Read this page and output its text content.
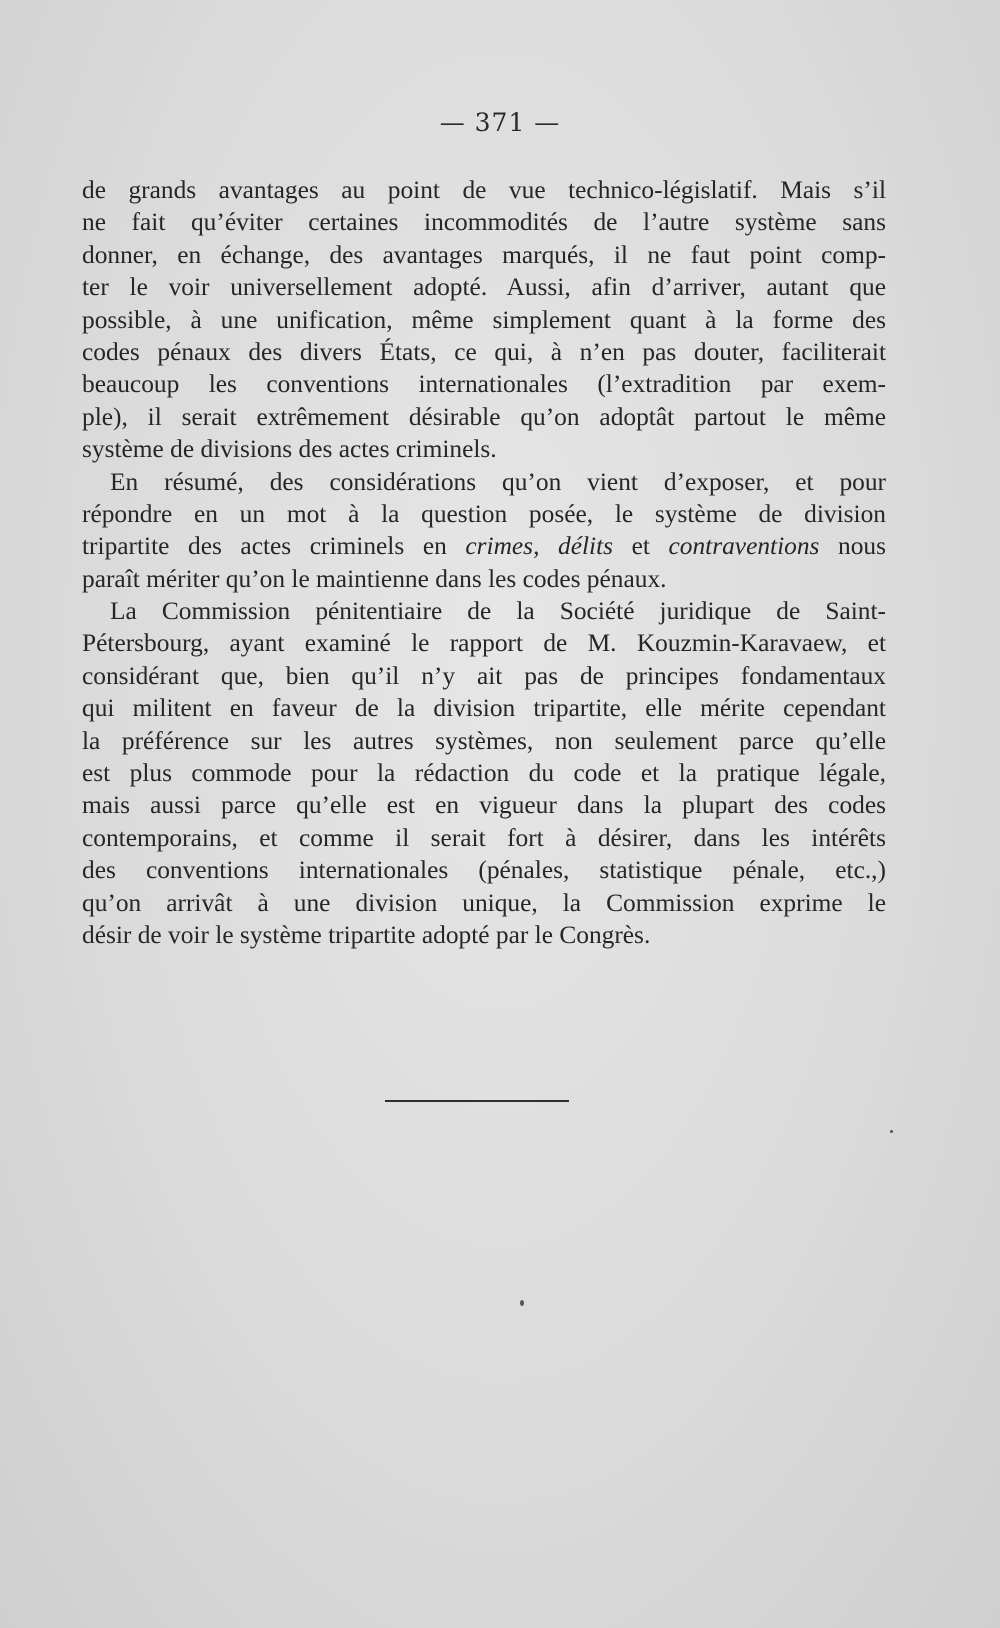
— 371 —
de grands avantages au point de vue technico-législatif. Mais s’il
ne fait qu’éviter certaines incommodités de l’autre système sans
donner, en échange, des avantages marqués, il ne faut point comp-
ter le voir universellement adopté. Aussi, afin d’arriver, autant que
possible, à une unification, même simplement quant à la forme des
codes pénaux des divers États, ce qui, à n’en pas douter, faciliterait
beaucoup les conventions internationales (l’extradition par exem-
ple), il serait extrêmement désirable qu’on adoptât partout le même
système de divisions des actes criminels.
En résumé, des considérations qu’on vient d’exposer, et pour
répondre en un mot à la question posée, le système de division
tripartite des actes criminels en crimes, délits et contraventions nous
paraît mériter qu’on le maintienne dans les codes pénaux.
La Commission pénitentiaire de la Société juridique de Saint-
Pétersbourg, ayant examiné le rapport de M. Kouzmin-Karavaew, et
considérant que, bien qu’il n’y ait pas de principes fondamentaux
qui militent en faveur de la division tripartite, elle mérite cependant
la préférence sur les autres systèmes, non seulement parce qu’elle
est plus commode pour la rédaction du code et la pratique légale,
mais aussi parce qu’elle est en vigueur dans la plupart des codes
contemporains, et comme il serait fort à désirer, dans les intérêts
des conventions internationales (pénales, statistique pénale, etc.,)
qu’on arrivât à une division unique, la Commission exprime le
désir de voir le système tripartite adopté par le Congrès.
